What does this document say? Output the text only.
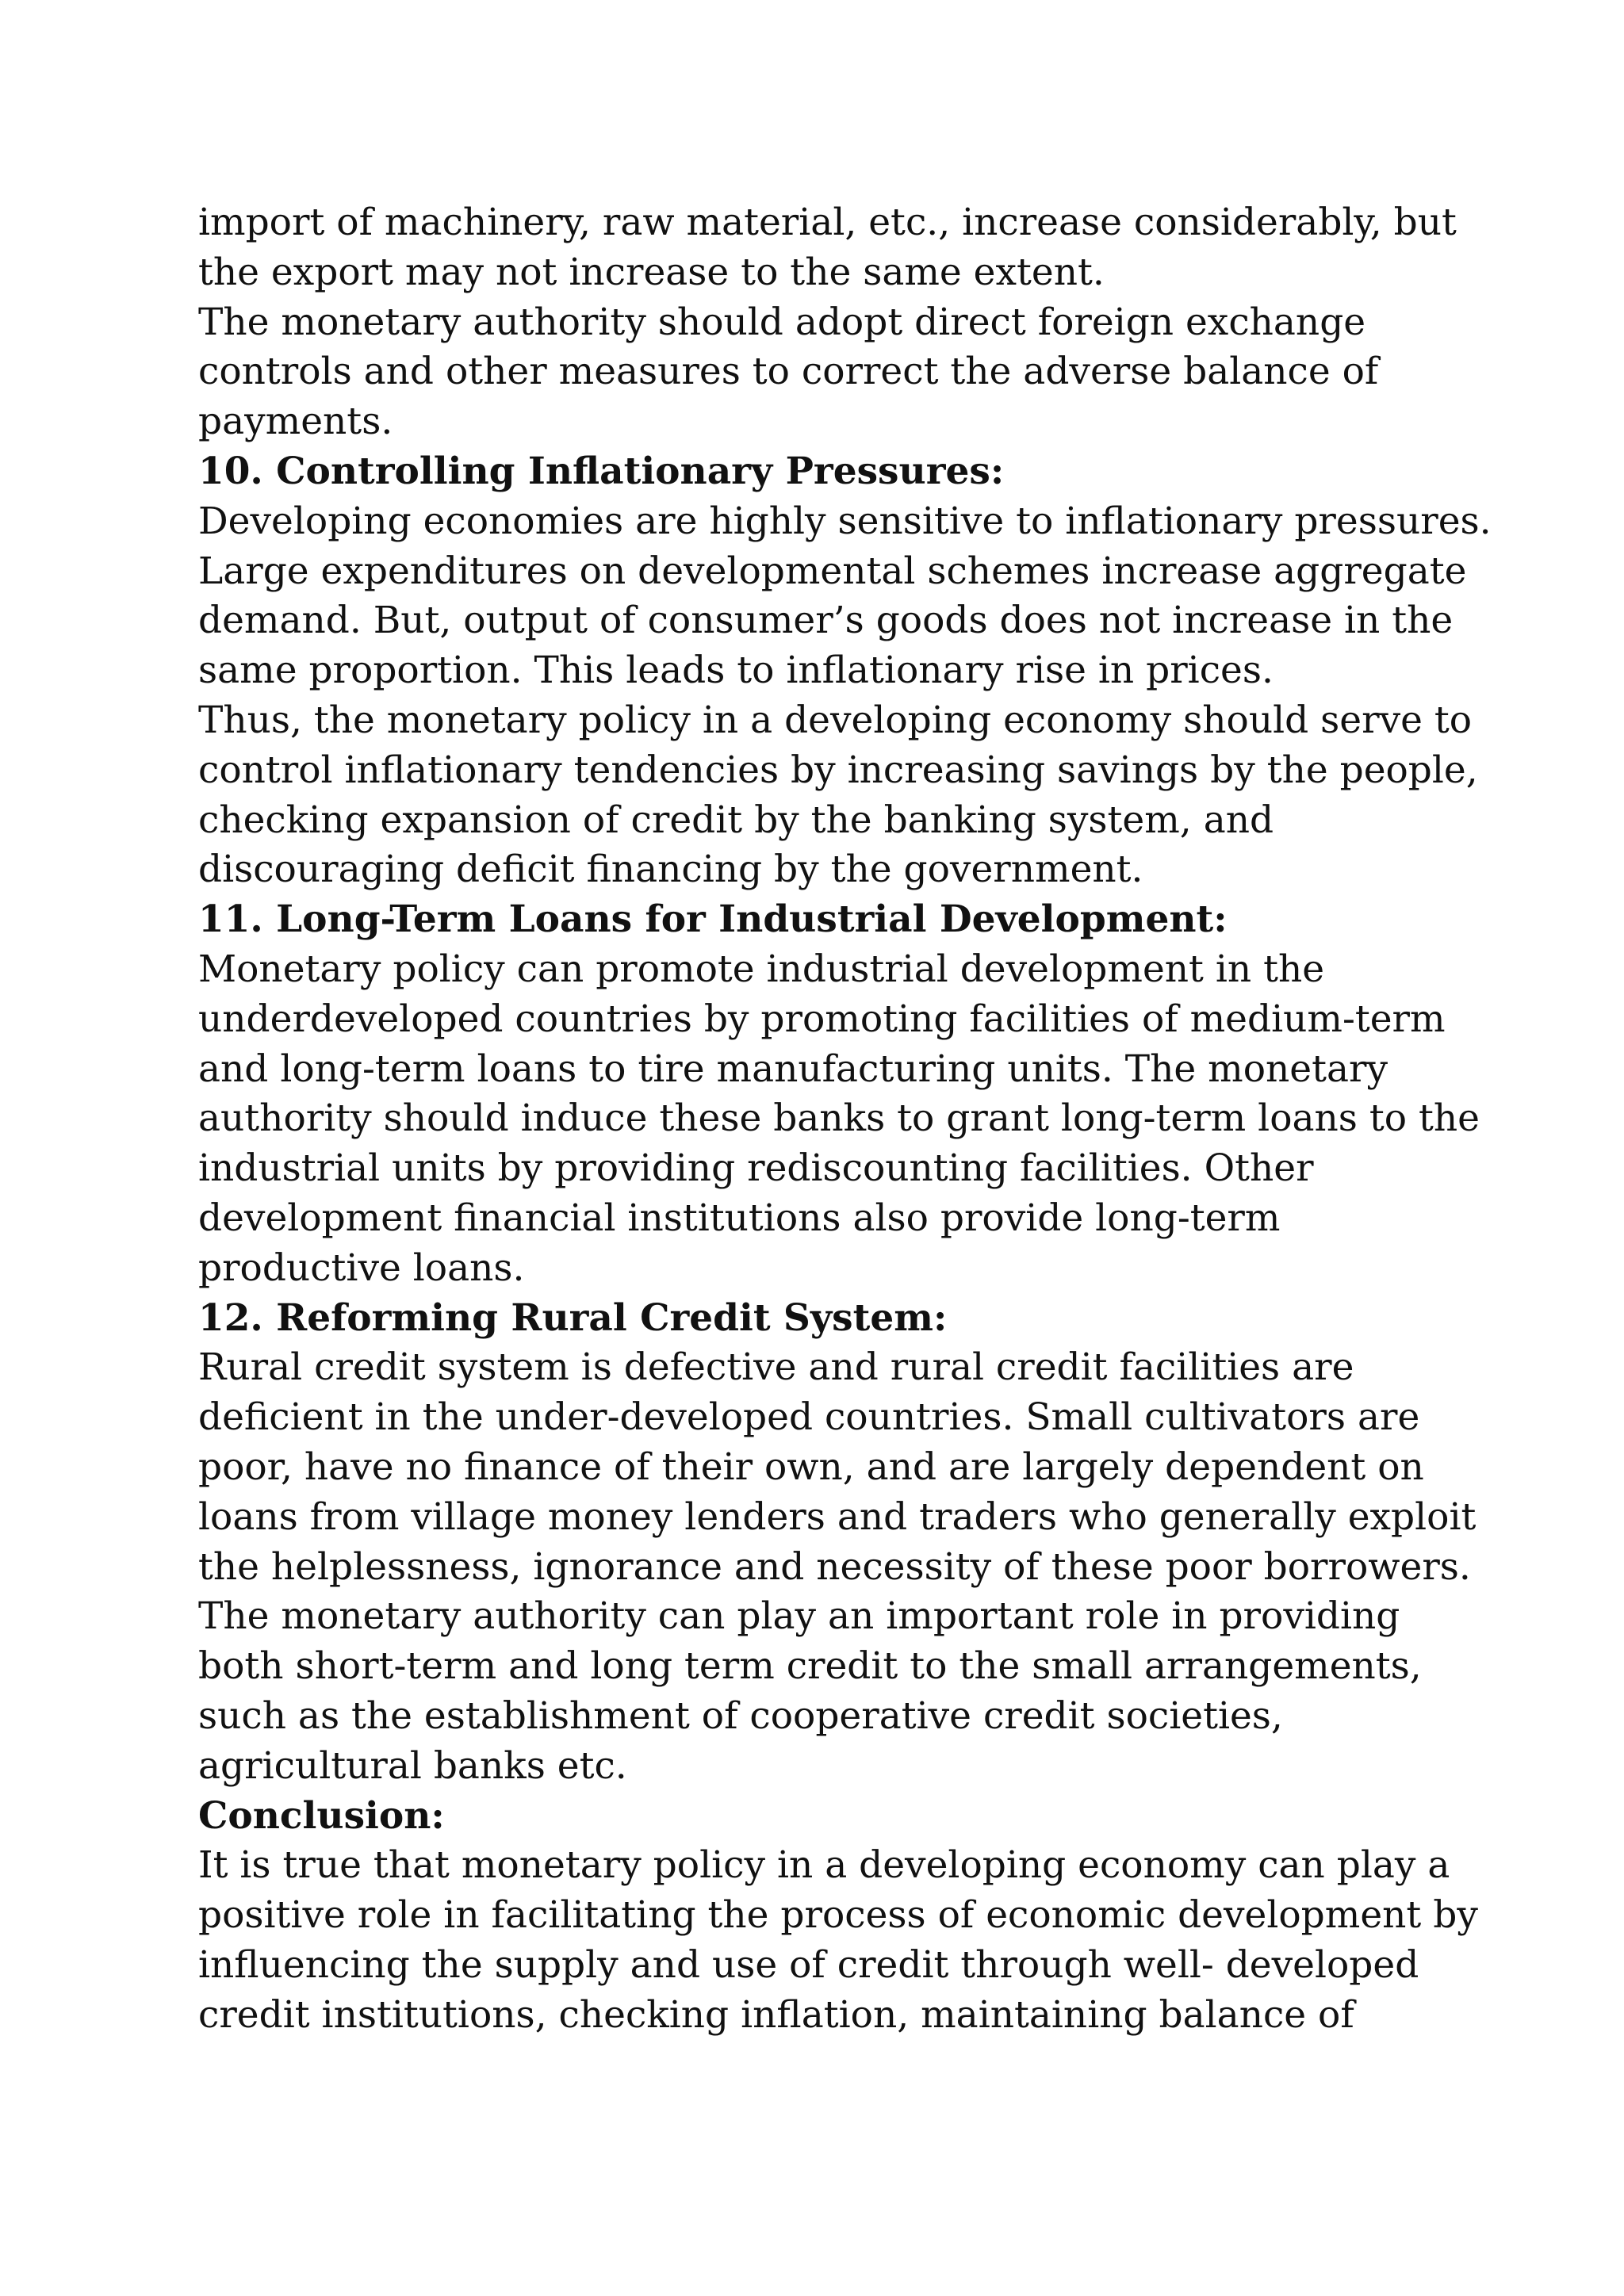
import of machinery, raw material, etc., increase considerably, but
the export may not increase to the same extent.
The monetary authority should adopt direct foreign exchange
controls and other measures to correct the adverse balance of
payments.
10. Controlling Inflationary Pressures:
Developing economies are highly sensitive to inflationary pressures.
Large expenditures on developmental schemes increase aggregate
demand. But, output of consumer’s goods does not increase in the
same proportion. This leads to inflationary rise in prices.
Thus, the monetary policy in a developing economy should serve to
control inflationary tendencies by increasing savings by the people,
checking expansion of credit by the banking system, and
discouraging deficit financing by the government.
11. Long-Term Loans for Industrial Development:
Monetary policy can promote industrial development in the
underdeveloped countries by promoting facilities of medium-term
and long-term loans to tire manufacturing units. The monetary
authority should induce these banks to grant long-term loans to the
industrial units by providing rediscounting facilities. Other
development financial institutions also provide long-term
productive loans.
12. Reforming Rural Credit System:
Rural credit system is defective and rural credit facilities are
deficient in the under-developed countries. Small cultivators are
poor, have no finance of their own, and are largely dependent on
loans from village money lenders and traders who generally exploit
the helplessness, ignorance and necessity of these poor borrowers.
The monetary authority can play an important role in providing
both short-term and long term credit to the small arrangements,
such as the establishment of cooperative credit societies,
agricultural banks etc.
Conclusion:
It is true that monetary policy in a developing economy can play a
positive role in facilitating the process of economic development by
influencing the supply and use of credit through well- developed
credit institutions, checking inflation, maintaining balance of
